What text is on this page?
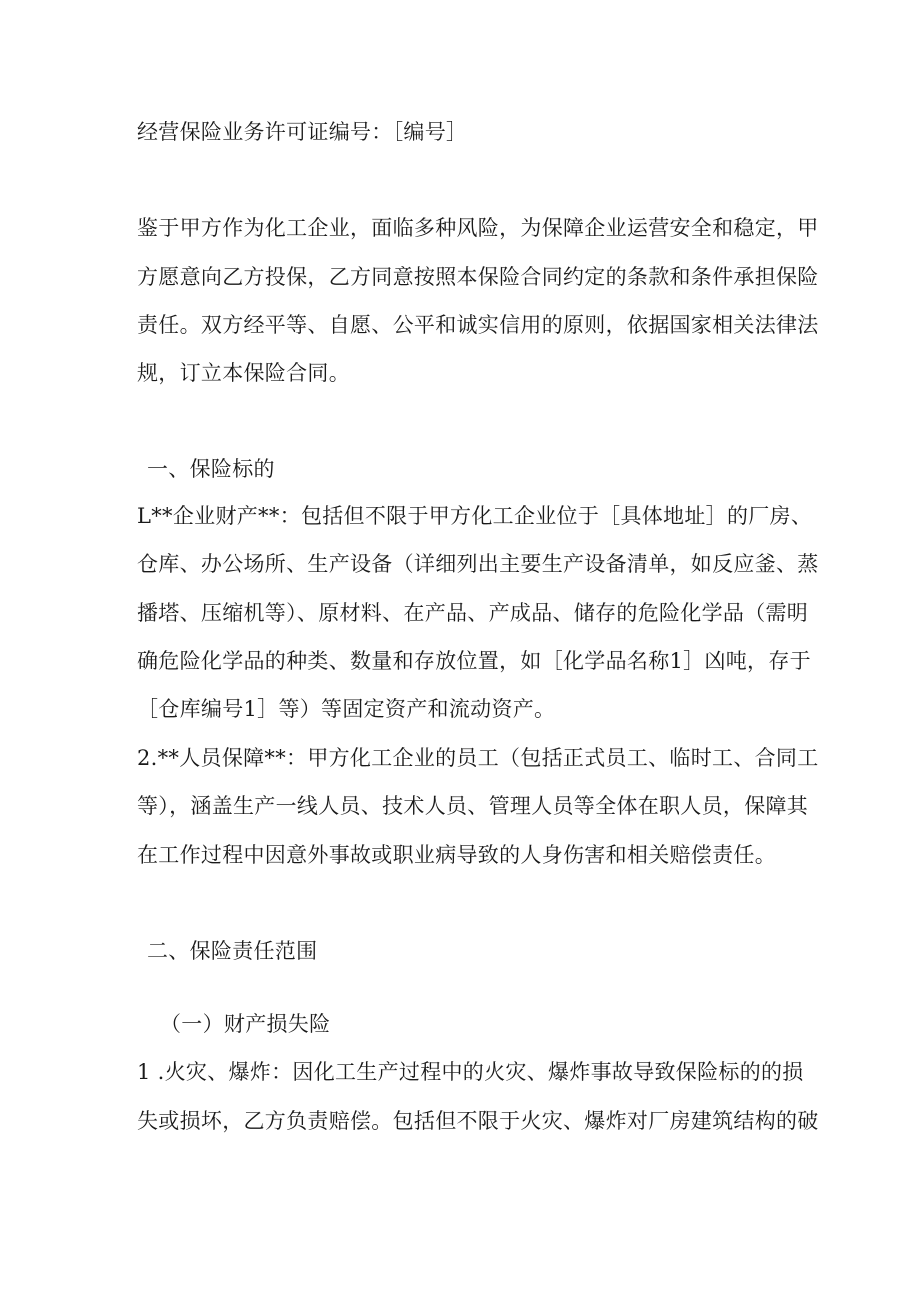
经营保险业务许可证编号：［编号］
鉴于甲方作为化工企业，面临多种风险，为保障企业运营安全和稳定，甲
方愿意向乙方投保，乙方同意按照本保险合同约定的条款和条件承担保险
责任。双方经平等、自愿、公平和诚实信用的原则，依据国家相关法律法
规，订立本保险合同。
一、保险标的
L**企业财产**：包括但不限于甲方化工企业位于［具体地址］的厂房、
仓库、办公场所、生产设备（详细列出主要生产设备清单，如反应釜、蒸
播塔、压缩机等）、原材料、在产品、产成品、储存的危险化学品（需明
确危险化学品的种类、数量和存放位置，如［化学品名称1］凶吨，存于
［仓库编号1］等）等固定资产和流动资产。
2.**人员保障**：甲方化工企业的员工（包括正式员工、临时工、合同工
等），涵盖生产一线人员、技术人员、管理人员等全体在职人员，保障其
在工作过程中因意外事故或职业病导致的人身伤害和相关赔偿责任。
二、保险责任范围
（一）财产损失险
1 .火灾、爆炸：因化工生产过程中的火灾、爆炸事故导致保险标的的损
失或损坏，乙方负责赔偿。包括但不限于火灾、爆炸对厂房建筑结构的破
